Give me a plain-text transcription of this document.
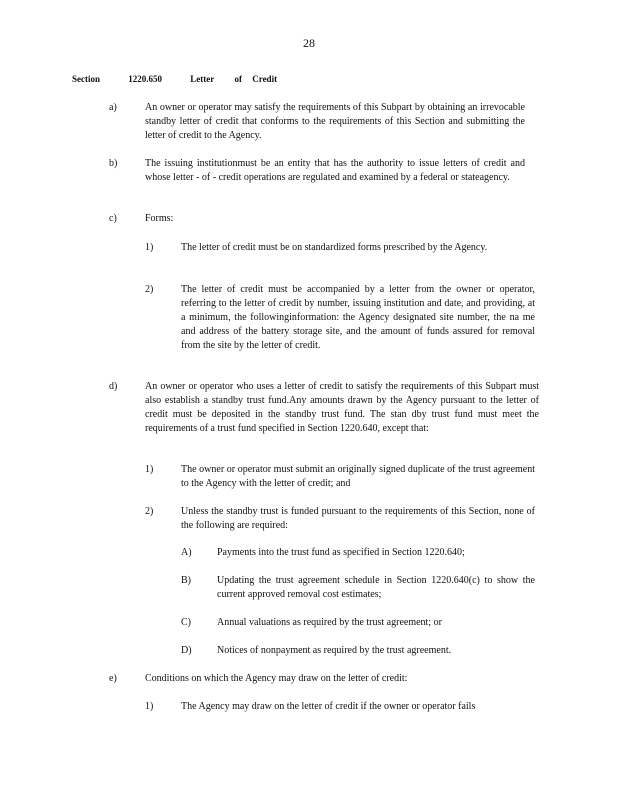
28
Section	1220.650	Letter of Credit
a)	An owner or operator may satisfy the requirements of this Subpart by obtaining an irrevocable standby letter of credit that conforms to the requirements of this Section and submitting the letter of credit to the Agency.
b)	The issuing institutionmust be an entity that has the authority to issue letters of credit and whose letter - of - credit operations are regulated and examined by a federal or stateagency.
c)	Forms:
1)	The letter of credit must be on standardized forms prescribed by the Agency.
2)	The letter of credit must be accompanied by a letter from the owner or operator, referring to the letter of credit by number, issuing institution and date, and providing, at a minimum, the followinginformation: the Agency designated site number, the na me and address of the battery storage site, and the amount of funds assured for removal from the site by the letter of credit.
d)	An owner or operator who uses a letter of credit to satisfy the requirements of this Subpart must also establish a standby trust fund.Any amounts drawn by the Agency pursuant to the letter of credit must be deposited in the standby trust fund. The stan dby trust fund must meet the requirements of a trust fund specified in Section 1220.640, except that:
1)	The owner or operator must submit an originally signed duplicate of the trust agreement to the Agency with the letter of credit; and
2)	Unless the standby trust is funded pursuant to the requirements of this Section, none of the following are required:
A)	Payments into the trust fund as specified in Section 1220.640;
B)	Updating the trust agreement schedule in Section 1220.640(c) to show the current approved removal cost estimates;
C)	Annual valuations as required by the trust agreement; or
D)	Notices of nonpayment as required by the trust agreement.
e)	Conditions on which the Agency may draw on the letter of credit:
1)	The Agency may draw on the letter of credit if the owner or operator fails
